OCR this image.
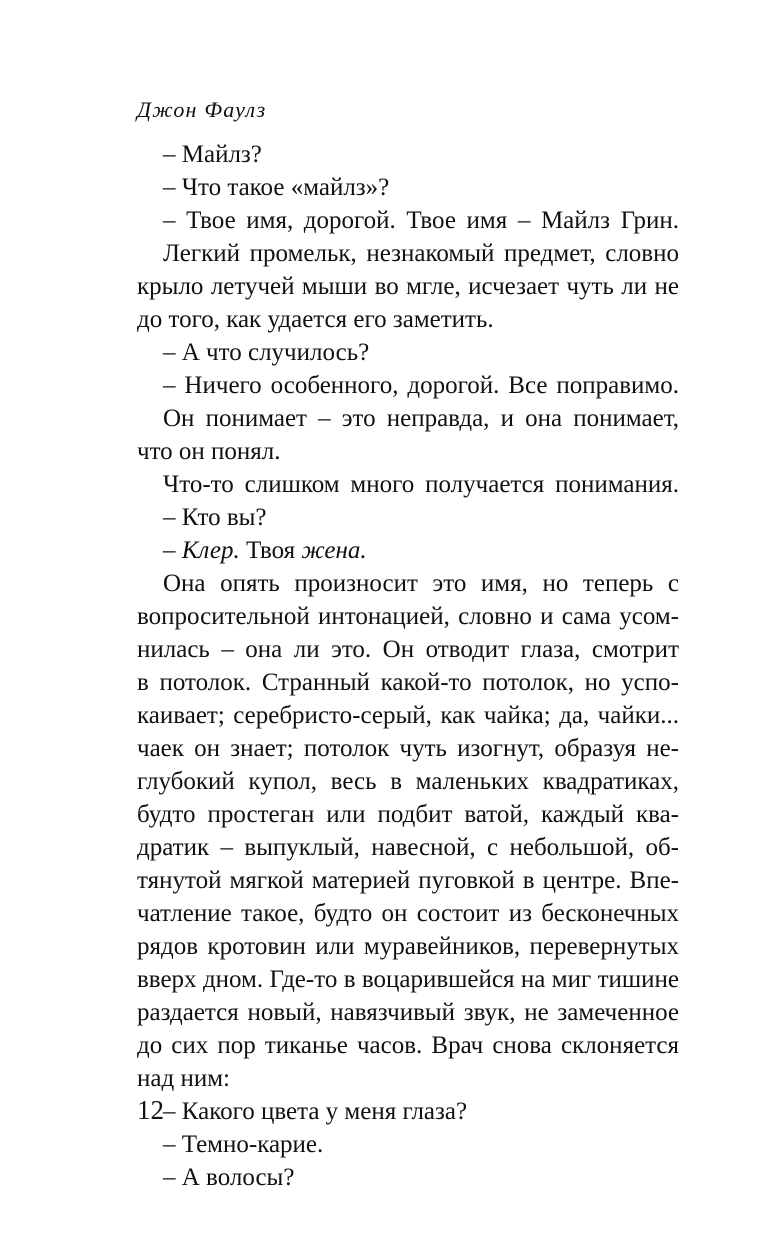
Джон Фаулз
– Майлз?
– Что такое «майлз»?
– Твое имя, дорогой. Твое имя – Майлз Грин.
Легкий промельк, незнакомый предмет, словно
крыло летучей мыши во мгле, исчезает чуть ли не
до того, как удается его заметить.
– А что случилось?
– Ничего особенного, дорогой. Все поправимо.
Он понимает – это неправда, и она понимает,
что он понял.
Что-то слишком много получается понимания.
– Кто вы?
– Клер. Твоя жена.
Она опять произносит это имя, но теперь с
вопросительной интонацией, словно и сама усом-
нилась – она ли это. Он отводит глаза, смотрит
в потолок. Странный какой-то потолок, но успо-
каивает; серебристо-серый, как чайка; да, чайки...
чаек он знает; потолок чуть изогнут, образуя не-
глубокий купол, весь в маленьких квадратиках,
будто простеган или подбит ватой, каждый ква-
дратик – выпуклый, навесной, с небольшой, об-
тянутой мягкой материей пуговкой в центре. Впе-
чатление такое, будто он состоит из бесконечных
рядов кротовин или муравейников, перевернутых
вверх дном. Где-то в воцарившейся на миг тишине
раздается новый, навязчивый звук, не замеченное
до сих пор тиканье часов. Врач снова склоняется
над ним:
– Какого цвета у меня глаза?
– Темно-карие.
– А волосы?
12
